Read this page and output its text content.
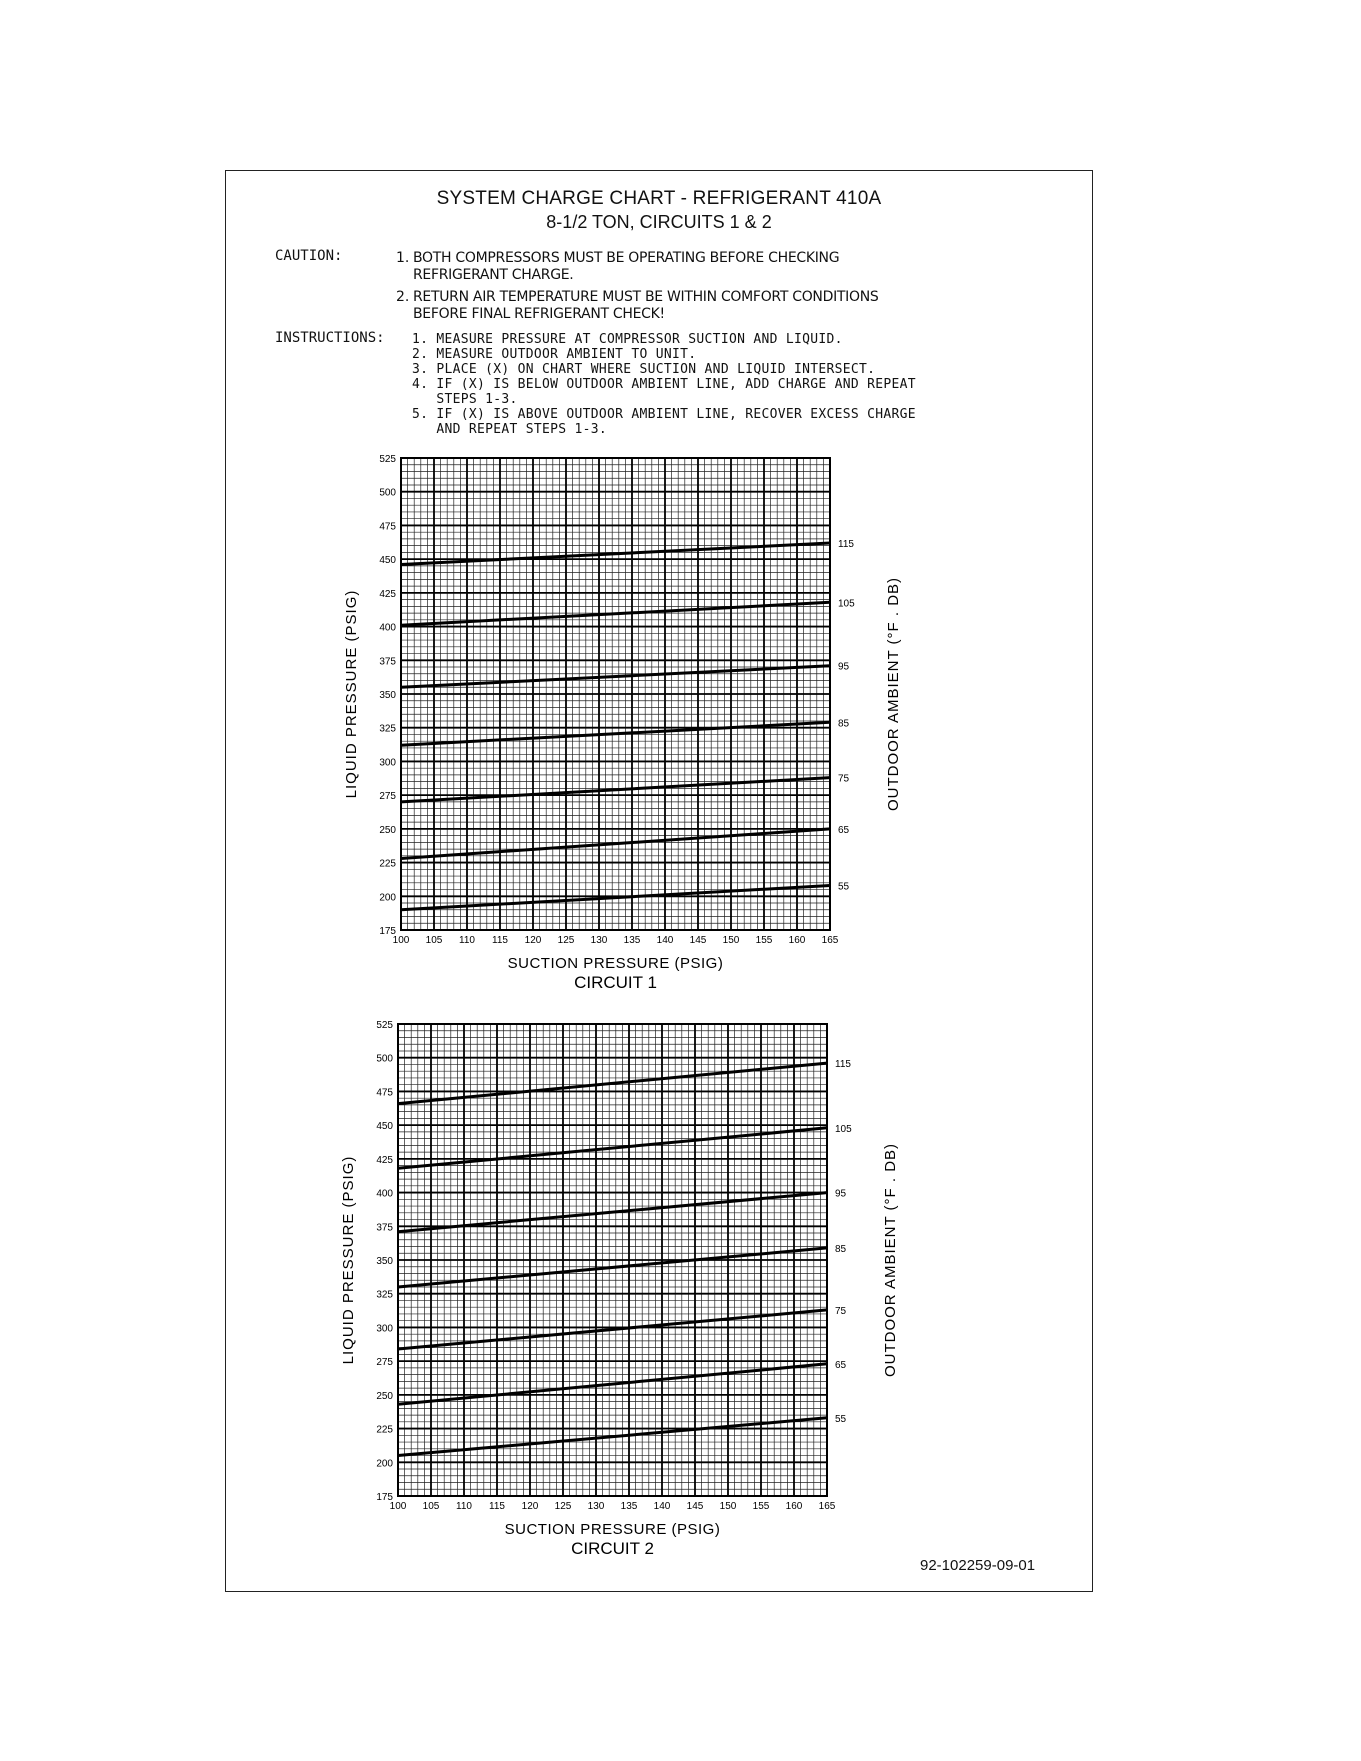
SYSTEM CHARGE CHART - REFRIGERANT 410A
8-1/2 TON, CIRCUITS 1 & 2
CAUTION:	1. BOTH COMPRESSORS MUST BE OPERATING BEFORE CHECKING
REFRIGERANT CHARGE.
2. RETURN AIR TEMPERATURE MUST BE WITHIN COMFORT CONDITIONS
BEFORE FINAL REFRIGERANT CHECK!
INSTRUCTIONS: 1. MEASURE PRESSURE AT COMPRESSOR SUCTION AND LIQUID.
2. MEASURE OUTDOOR AMBIENT TO UNIT.
3. PLACE (X) ON CHART WHERE SUCTION AND LIQUID INTERSECT.
4. IF (X) IS BELOW OUTDOOR AMBIENT LINE, ADD CHARGE AND REPEAT
STEPS 1-3.
5. IF (X) IS ABOVE OUTDOOR AMBIENT LINE, RECOVER EXCESS CHARGE
AND REPEAT STEPS 1-3.
175
200
225
250
275
300
325
350
375
400
425
450
475
500
525
100 105 110 115 120 125 130 135 140 145 150 155 160 165
55
65
75
85
95
105
115
LIQUID PRESSURE (PSIG)	OUTDOOR AMBIENT (°F . DB)
SUCTION PRESSURE (PSIG)
CIRCUIT 1
175
200
225
250
275
300
325
350
375
400
425
450
475
500
525
100 105 110 115 120 125 130 135 140 145 150 155 160 165
55
65
75
85
95
105
115
LIQUID PRESSURE (PSIG)	OUTDOOR AMBIENT (°F . DB)
SUCTION PRESSURE (PSIG)
CIRCUIT 2
92-102259-09-01
